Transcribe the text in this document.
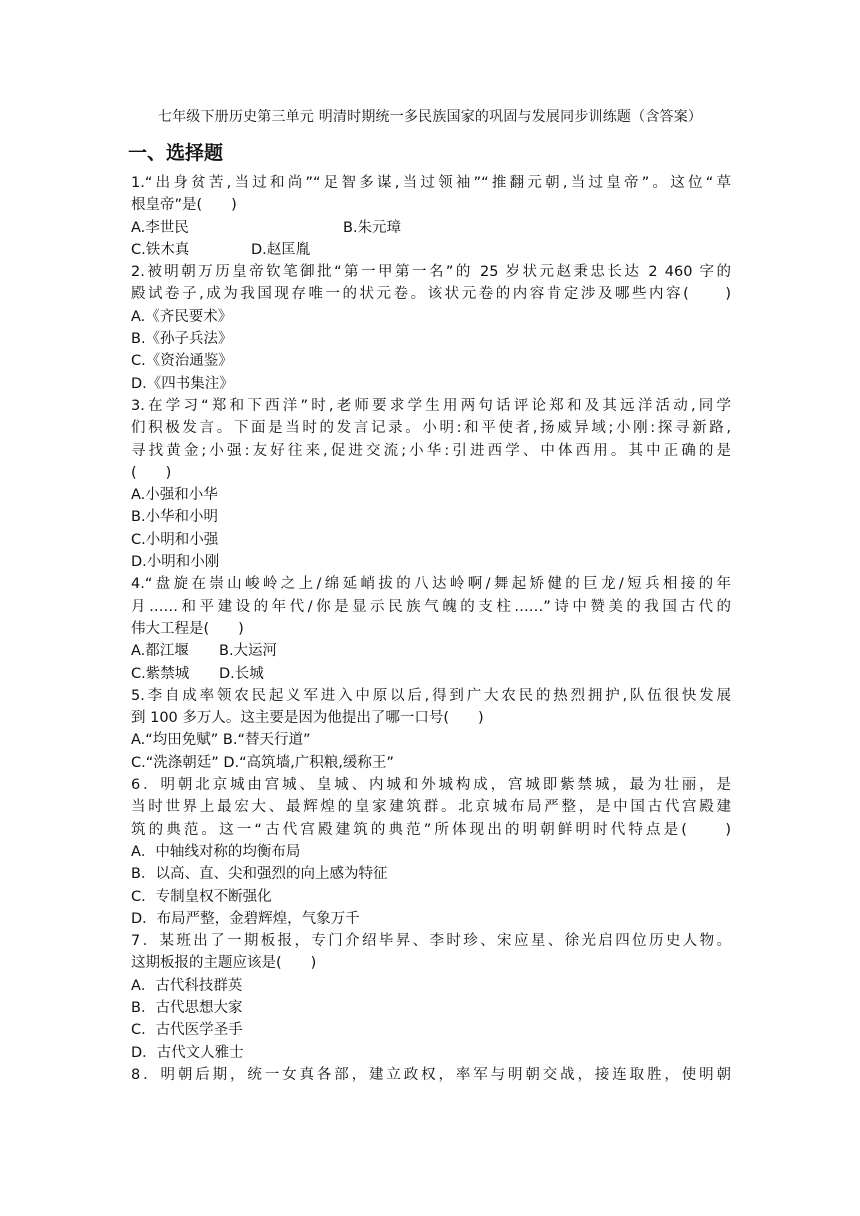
七年级下册历史第三单元 明清时期统一多民族国家的巩固与发展同步训练题（含答案）
一、选择题
1.“出身贫苦,当过和尚”“足智多谋,当过领袖”“推翻元朝,当过皇帝”。这位“草
根皇帝”是(　　)
A.李世民	B.朱元璋
C.铁木真	D.赵匡胤
2.被明朝万历皇帝钦笔御批“第一甲第一名”的 25 岁状元赵秉忠长达 2 460 字的
殿试卷子,成为我国现存唯一的状元卷。该状元卷的内容肯定涉及哪些内容(　　)
A.《齐民要术》
B.《孙子兵法》
C.《资治通鉴》
D.《四书集注》
3.在学习“郑和下西洋”时,老师要求学生用两句话评论郑和及其远洋活动,同学
们积极发言。下面是当时的发言记录。小明:和平使者,扬威异域;小刚:探寻新路,
寻找黄金;小强:友好往来,促进交流;小华:引进西学、中体西用。其中正确的是
(　　)
A.小强和小华
B.小华和小明
C.小明和小强
D.小明和小刚
4.“盘旋在崇山峻岭之上/绵延峭拔的八达岭啊/舞起矫健的巨龙/短兵相接的年
月……和平建设的年代/你是显示民族气魄的支柱……”诗中赞美的我国古代的
伟大工程是(　　)
A.都江堰 B.大运河
C.紫禁城 D.长城
5.李自成率领农民起义军进入中原以后,得到广大农民的热烈拥护,队伍很快发展
到 100 多万人。这主要是因为他提出了哪一口号(　　)
A.“均田免赋” B.“替天行道”
C.“洗涤朝廷” D.“高筑墙,广积粮,缓称王”
6．明朝北京城由宫城、皇城、内城和外城构成，宫城即紫禁城，最为壮丽，是
当时世界上最宏大、最辉煌的皇家建筑群。北京城布局严整，是中国古代宫殿建
筑的典范。这一“古代宫殿建筑的典范”所体现出的明朝鲜明时代特点是(　　)
A．中轴线对称的均衡布局
B．以高、直、尖和强烈的向上感为特征
C．专制皇权不断强化
D．布局严整，金碧辉煌，气象万千
7．某班出了一期板报，专门介绍毕昇、李时珍、宋应星、徐光启四位历史人物。
这期板报的主题应该是(　　)
A．古代科技群英
B．古代思想大家
C．古代医学圣手
D．古代文人雅士
8．明朝后期，统一女真各部，建立政权，率军与明朝交战，接连取胜，使明朝
